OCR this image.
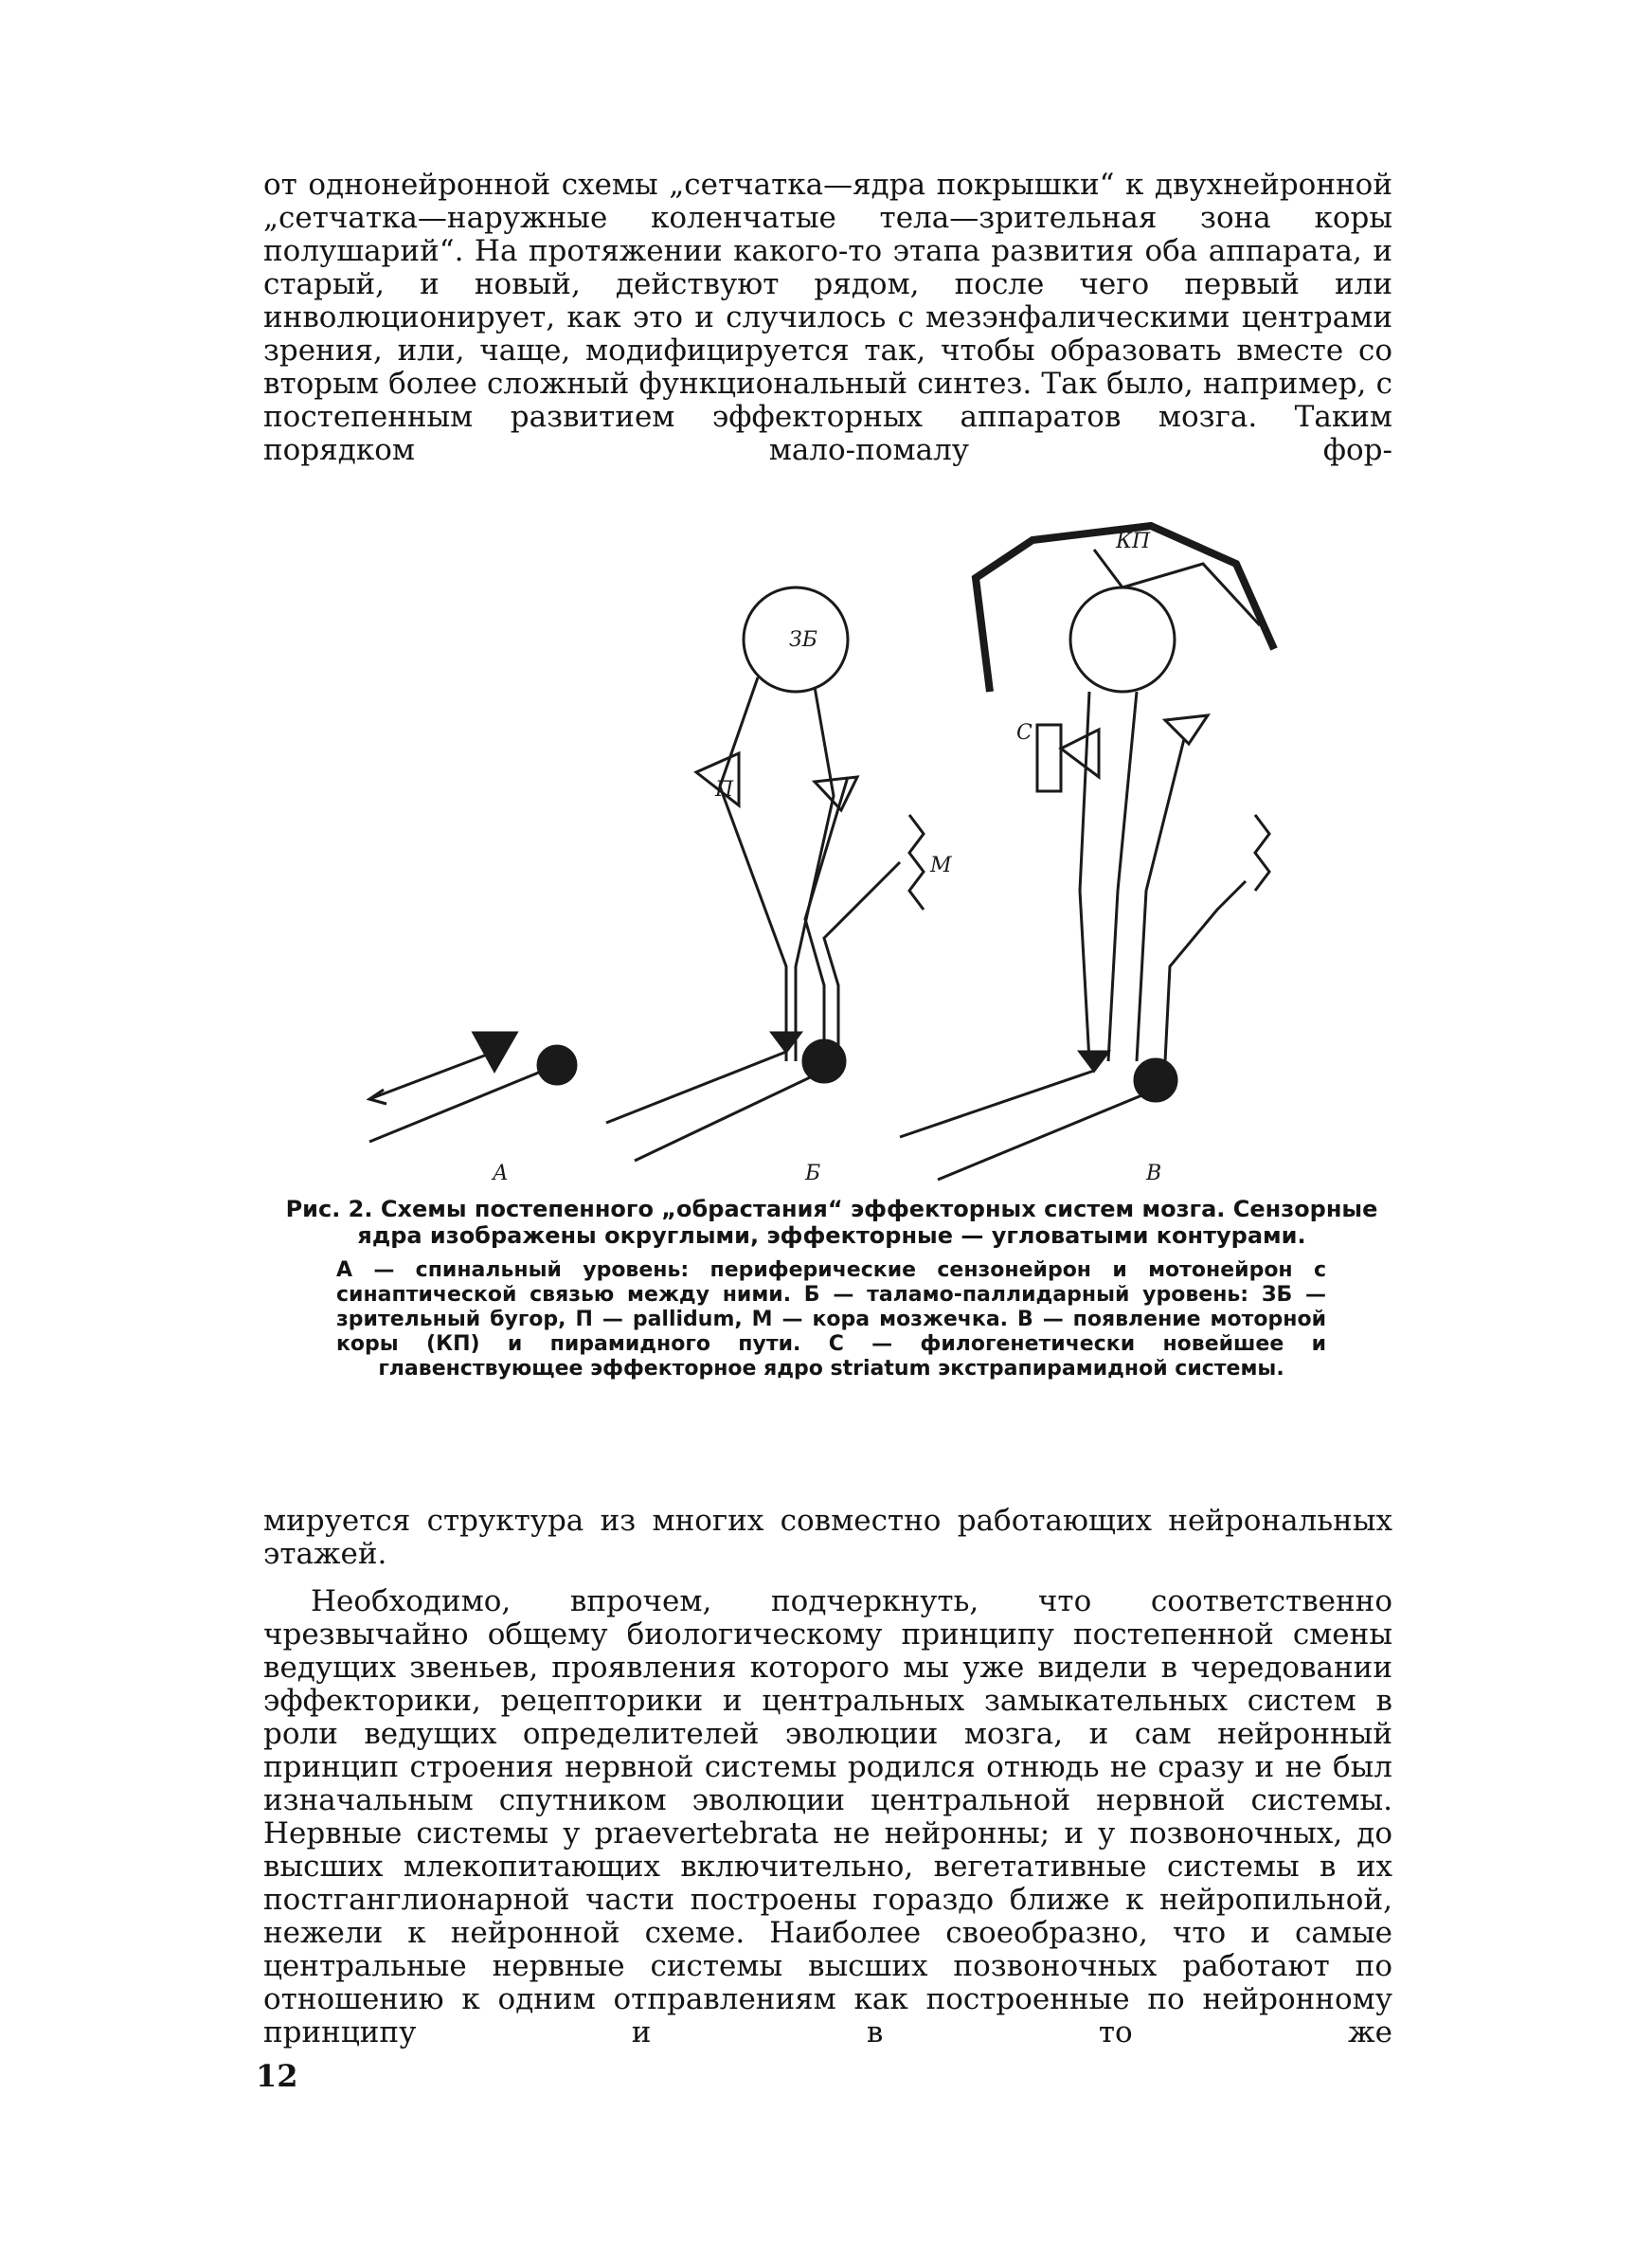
от однонейронной схемы „сетчатка—ядра покрышки“ к двухнейронной „сетчатка—наружные коленчатые тела—зрительная зона коры полушарий“. На протяжении какого-то этапа развития оба аппарата, и старый, и новый, действуют рядом, после чего первый или инволюционирует, как это и случилось с мезэнфалическими центрами зрения, или, чаще, модифицируется так, чтобы образовать вместе со вторым более сложный функциональный синтез. Так было, например, с постепенным развитием эффекторных аппаратов мозга. Таким порядком мало-помалу фор-

ЗБ
П
М
КП
С
А	Б	В

Рис. 2. Схемы постепенного „обрастания“ эффекторных систем мозга. Сензорные ядра изображены округлыми, эффекторные — угловатыми контурами.

А — спинальный уровень: периферические сензонейрон и мотонейрон с синаптической связью между ними. Б — таламо-паллидарный уровень: ЗБ — зрительный бугор, П — pallidum, М — кора мозжечка. В — появление моторной коры (КП) и пирамидного пути. С — филогенетически новейшее и главенствующее эффекторное ядро striatum экстрапирамидной системы.

мируется структура из многих совместно работающих нейрональных этажей.

Необходимо, впрочем, подчеркнуть, что соответственно чрезвычайно общему биологическому принципу постепенной смены ведущих звеньев, проявления которого мы уже видели в чередовании эффекторики, рецепторики и центральных замыкательных систем в роли ведущих определителей эволюции мозга, и сам нейронный принцип строения нервной системы родился отнюдь не сразу и не был изначальным спутником эволюции центральной нервной системы. Нервные системы у praevertebrata не нейронны; и у позвоночных, до высших млекопитающих включительно, вегетативные системы в их постганглионарной части построены гораздо ближе к нейропильной, нежели к нейронной схеме. Наиболее своеобразно, что и самые центральные нервные системы высших позвоночных работают по отношению к одним отправлениям как построенные по нейронному принципу и в то же

12
